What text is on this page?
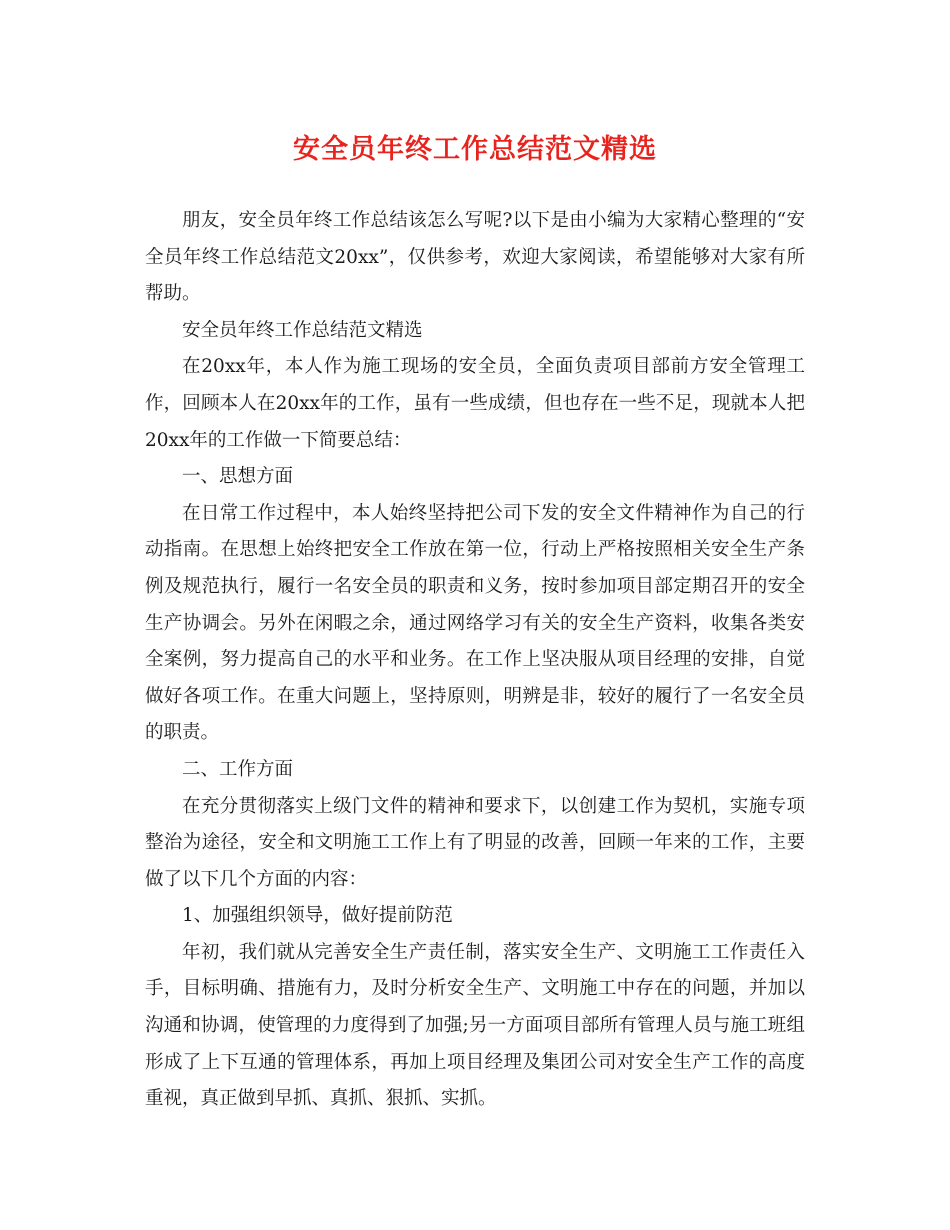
安全员年终工作总结范文精选

朋友，安全员年终工作总结该怎么写呢?以下是由小编为大家精心整理的“安全员年终工作总结范文20xx”，仅供参考，欢迎大家阅读，希望能够对大家有所帮助。

安全员年终工作总结范文精选

在20xx年，本人作为施工现场的安全员，全面负责项目部前方安全管理工作，回顾本人在20xx年的工作，虽有一些成绩，但也存在一些不足，现就本人把20xx年的工作做一下简要总结：

一、思想方面

在日常工作过程中，本人始终坚持把公司下发的安全文件精神作为自己的行动指南。在思想上始终把安全工作放在第一位，行动上严格按照相关安全生产条例及规范执行，履行一名安全员的职责和义务，按时参加项目部定期召开的安全生产协调会。另外在闲暇之余，通过网络学习有关的安全生产资料，收集各类安全案例，努力提高自己的水平和业务。在工作上坚决服从项目经理的安排，自觉做好各项工作。在重大问题上，坚持原则，明辨是非，较好的履行了一名安全员的职责。

二、工作方面

在充分贯彻落实上级门文件的精神和要求下，以创建工作为契机，实施专项整治为途径，安全和文明施工工作上有了明显的改善，回顾一年来的工作，主要做了以下几个方面的内容：

1、加强组织领导，做好提前防范

年初，我们就从完善安全生产责任制，落实安全生产、文明施工工作责任入手，目标明确、措施有力，及时分析安全生产、文明施工中存在的问题，并加以沟通和协调，使管理的力度得到了加强;另一方面项目部所有管理人员与施工班组形成了上下互通的管理体系，再加上项目经理及集团公司对安全生产工作的高度重视，真正做到早抓、真抓、狠抓、实抓。
